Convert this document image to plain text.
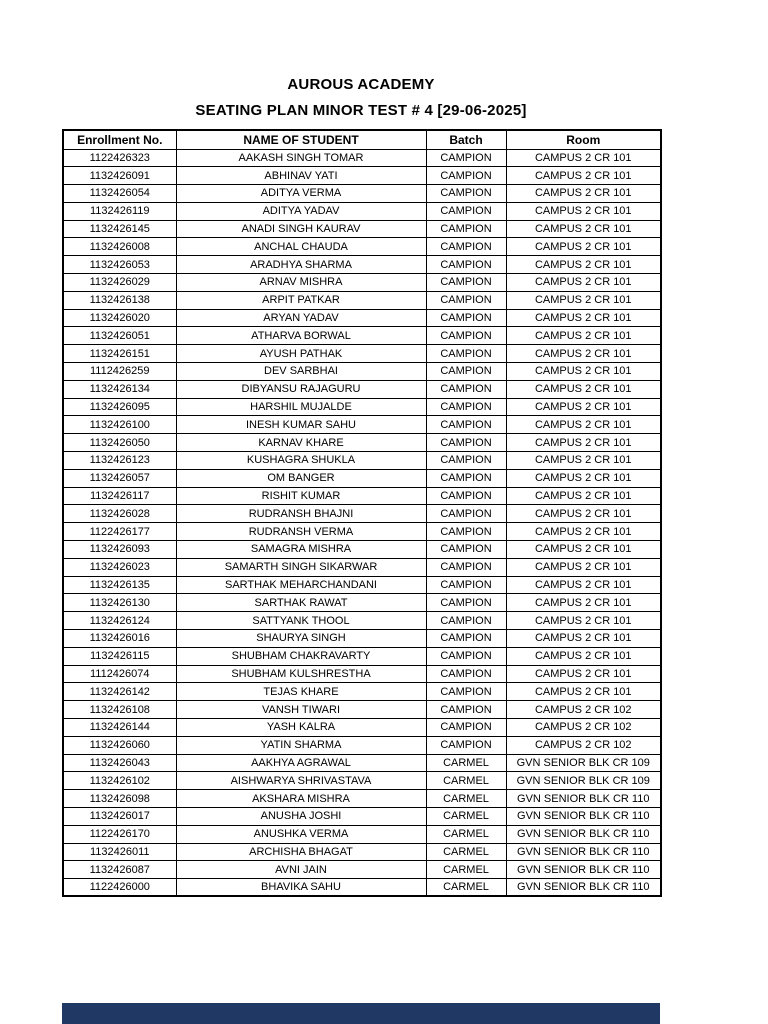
AUROUS ACADEMY
SEATING PLAN MINOR TEST # 4 [29-06-2025]
Enrollment No.	NAME OF STUDENT	Batch	Room
1122426323	AAKASH SINGH TOMAR	CAMPION	CAMPUS 2 CR 101
1132426091	ABHINAV YATI	CAMPION	CAMPUS 2 CR 101
1132426054	ADITYA VERMA	CAMPION	CAMPUS 2 CR 101
1132426119	ADITYA YADAV	CAMPION	CAMPUS 2 CR 101
1132426145	ANADI SINGH KAURAV	CAMPION	CAMPUS 2 CR 101
1132426008	ANCHAL CHAUDA	CAMPION	CAMPUS 2 CR 101
1132426053	ARADHYA SHARMA	CAMPION	CAMPUS 2 CR 101
1132426029	ARNAV MISHRA	CAMPION	CAMPUS 2 CR 101
1132426138	ARPIT PATKAR	CAMPION	CAMPUS 2 CR 101
1132426020	ARYAN YADAV	CAMPION	CAMPUS 2 CR 101
1132426051	ATHARVA BORWAL	CAMPION	CAMPUS 2 CR 101
1132426151	AYUSH PATHAK	CAMPION	CAMPUS 2 CR 101
1112426259	DEV SARBHAI	CAMPION	CAMPUS 2 CR 101
1132426134	DIBYANSU RAJAGURU	CAMPION	CAMPUS 2 CR 101
1132426095	HARSHIL MUJALDE	CAMPION	CAMPUS 2 CR 101
1132426100	INESH KUMAR SAHU	CAMPION	CAMPUS 2 CR 101
1132426050	KARNAV KHARE	CAMPION	CAMPUS 2 CR 101
1132426123	KUSHAGRA SHUKLA	CAMPION	CAMPUS 2 CR 101
1132426057	OM BANGER	CAMPION	CAMPUS 2 CR 101
1132426117	RISHIT KUMAR	CAMPION	CAMPUS 2 CR 101
1132426028	RUDRANSH BHAJNI	CAMPION	CAMPUS 2 CR 101
1122426177	RUDRANSH VERMA	CAMPION	CAMPUS 2 CR 101
1132426093	SAMAGRA MISHRA	CAMPION	CAMPUS 2 CR 101
1132426023	SAMARTH SINGH SIKARWAR	CAMPION	CAMPUS 2 CR 101
1132426135	SARTHAK MEHARCHANDANI	CAMPION	CAMPUS 2 CR 101
1132426130	SARTHAK RAWAT	CAMPION	CAMPUS 2 CR 101
1132426124	SATTYANK THOOL	CAMPION	CAMPUS 2 CR 101
1132426016	SHAURYA SINGH	CAMPION	CAMPUS 2 CR 101
1132426115	SHUBHAM CHAKRAVARTY	CAMPION	CAMPUS 2 CR 101
1112426074	SHUBHAM KULSHRESTHA	CAMPION	CAMPUS 2 CR 101
1132426142	TEJAS KHARE	CAMPION	CAMPUS 2 CR 101
1132426108	VANSH TIWARI	CAMPION	CAMPUS 2 CR 102
1132426144	YASH KALRA	CAMPION	CAMPUS 2 CR 102
1132426060	YATIN SHARMA	CAMPION	CAMPUS 2 CR 102
1132426043	AAKHYA AGRAWAL	CARMEL	GVN SENIOR BLK CR 109
1132426102	AISHWARYA SHRIVASTAVA	CARMEL	GVN SENIOR BLK CR 109
1132426098	AKSHARA MISHRA	CARMEL	GVN SENIOR BLK CR 110
1132426017	ANUSHA JOSHI	CARMEL	GVN SENIOR BLK CR 110
1122426170	ANUSHKA VERMA	CARMEL	GVN SENIOR BLK CR 110
1132426011	ARCHISHA BHAGAT	CARMEL	GVN SENIOR BLK CR 110
1132426087	AVNI JAIN	CARMEL	GVN SENIOR BLK CR 110
1122426000	BHAVIKA SAHU	CARMEL	GVN SENIOR BLK CR 110
